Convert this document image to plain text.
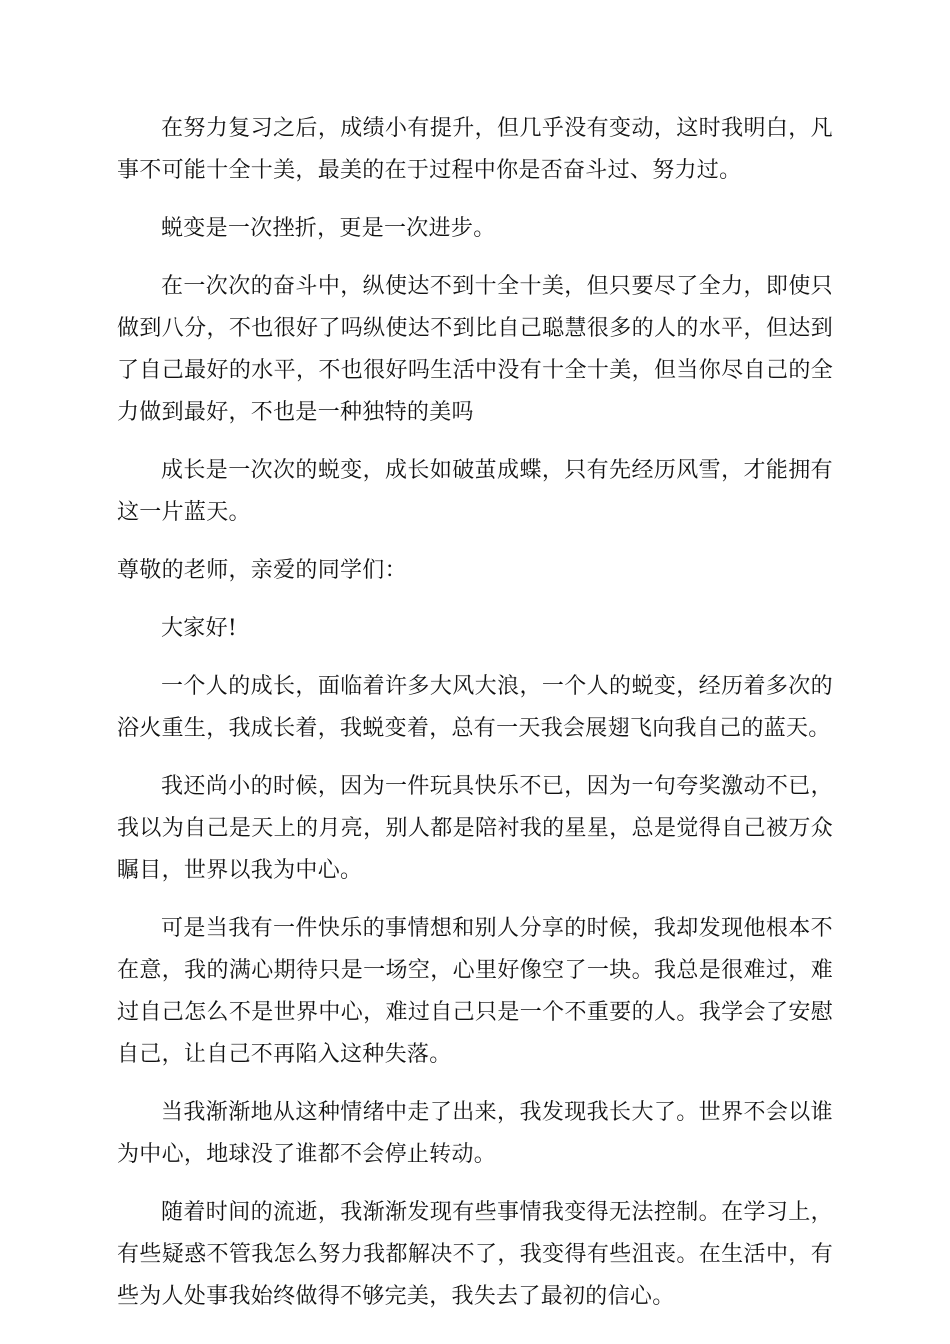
在努力复习之后，成绩小有提升，但几乎没有变动，这时我明白，凡事不可能十全十美，最美的在于过程中你是否奋斗过、努力过。

蜕变是一次挫折，更是一次进步。

在一次次的奋斗中，纵使达不到十全十美，但只要尽了全力，即使只做到八分，不也很好了吗纵使达不到比自己聪慧很多的人的水平，但达到了自己最好的水平，不也很好吗生活中没有十全十美，但当你尽自己的全力做到最好，不也是一种独特的美吗

成长是一次次的蜕变，成长如破茧成蝶，只有先经历风雪，才能拥有这一片蓝天。

尊敬的老师，亲爱的同学们：

大家好!

一个人的成长，面临着许多大风大浪，一个人的蜕变，经历着多次的浴火重生，我成长着，我蜕变着，总有一天我会展翅飞向我自己的蓝天。

我还尚小的时候，因为一件玩具快乐不已，因为一句夸奖激动不已，我以为自己是天上的月亮，别人都是陪衬我的星星，总是觉得自己被万众瞩目，世界以我为中心。

可是当我有一件快乐的事情想和别人分享的时候，我却发现他根本不在意，我的满心期待只是一场空，心里好像空了一块。我总是很难过，难过自己怎么不是世界中心，难过自己只是一个不重要的人。我学会了安慰自己，让自己不再陷入这种失落。

当我渐渐地从这种情绪中走了出来，我发现我长大了。世界不会以谁为中心，地球没了谁都不会停止转动。

随着时间的流逝，我渐渐发现有些事情我变得无法控制。在学习上，有些疑惑不管我怎么努力我都解决不了，我变得有些沮丧。在生活中，有些为人处事我始终做得不够完美，我失去了最初的信心。
